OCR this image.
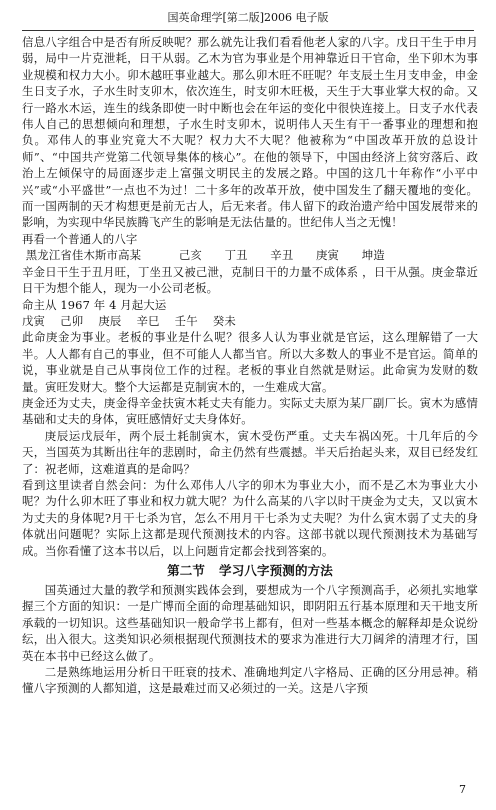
国英命理学[第二版]2006 电子版

信息八字组合中是否有所反映呢？那么就先让我们看看他老人家的八字。戊日干生于申月弱，局中一片克泄耗，日干从弱。乙木为官为事业是个用神靠近日干官命，坐下卯木为事业规模和权力大小。卯木越旺事业越大。那么卯木旺不旺呢？年支辰土生月支申金，申金生日支子水，子水生时支卯木，依次连生，时支卯木旺极，天生于大事业掌大权的命。又行一路水木运，连生的线条即使一时中断也会在年运的变化中很快连接上。日支子水代表伟人自己的思想倾向和理想，子水生时支卯木，说明伟人天生有干一番事业的理想和抱负。邓伟人的事业究竟大不大呢？权力大不大呢？他被称为“中国改革开放的总设计师”、“中国共产党第二代领导集体的核心”。在他的领导下，中国由经济上贫穷落后、政治上左倾保守的局面逐步走上富强文明民主的发展之路。中国的这几十年称作“小平中兴”或“小平盛世”一点也不为过！二十多年的改革开放，使中国发生了翻天覆地的变化。而一国两制的天才构想更是前无古人，后无来者。伟人留下的政治遗产给中国发展带来的影响，为实现中华民族腾飞产生的影响是无法估量的。世纪伟人当之无愧！

再看一个普通人的八字

黑龙江省佳木斯市高某          己亥      丁丑      辛丑      庚寅      坤造

辛金日干生于丑月旺，丁坐丑又被己泄，克制日干的力量不成体系 ，日干从强。庚金靠近日干为想个能人，现为一小公司老板。

命主从 1967 年 4 月起大运

戊寅    己卯    庚辰    辛巳    壬午    癸未

此命庚金为事业。老板的事业是什么呢？很多人认为事业就是官运，这么理解错了一大半。人人都有自己的事业，但不可能人人都当官。所以大多数人的事业不是官运。简单的说，事业就是自己从事岗位工作的过程。老板的事业自然就是财运。此命寅为发财的数量。寅旺发财大。整个大运都是克制寅木的，一生难成大富。

庚金还为丈夫，庚金得辛金扶寅木耗丈夫有能力。实际丈夫原为某厂副厂长。寅木为感情基础和丈夫的身体，寅旺感情好丈夫身体好。

庚辰运戊辰年，两个辰土耗制寅木，寅木受伤严重。丈夫车祸凶死。十几年后的今天，当国英为其断出往年的悲剧时，命主仍然有些震撼。半天后抬起头来，双目已经发红了：祝老师，这难道真的是命吗？

看到这里读者自然会问：为什么邓伟人八字的卯木为事业大小，而不是乙木为事业大小呢？为什么卯木旺了事业和权力就大呢？为什么高某的八字以时干庚金为丈夫，又以寅木为丈夫的身体呢?月干七杀为官，怎么不用月干七杀为丈夫呢？为什么寅木弱了丈夫的身体就出问题呢？实际上这都是现代预测技术的内容。这部书就以现代预测技术为基础写成。当你看懂了这本书以后，以上问题肯定都会找到答案的。

第二节 学习八字预测的方法

国英通过大量的教学和预测实践体会到，要想成为一个八字预测高手，必须扎实地掌握三个方面的知识：一是广博而全面的命理基础知识，即阴阳五行基本原理和天干地支所承载的一切知识。这些基础知识一般命学书上都有，但对一些基本概念的解释却是众说纷纭，出入很大。这类知识必须根据现代预测技术的要求为准进行大刀阔斧的清理才行，国英在本书中已经这么做了。

二是熟练地运用分析日干旺衰的技术、准确地判定八字格局、正确的区分用忌神。稍懂八字预测的人都知道，这是最难过而又必须过的一关。这是八字预

7
